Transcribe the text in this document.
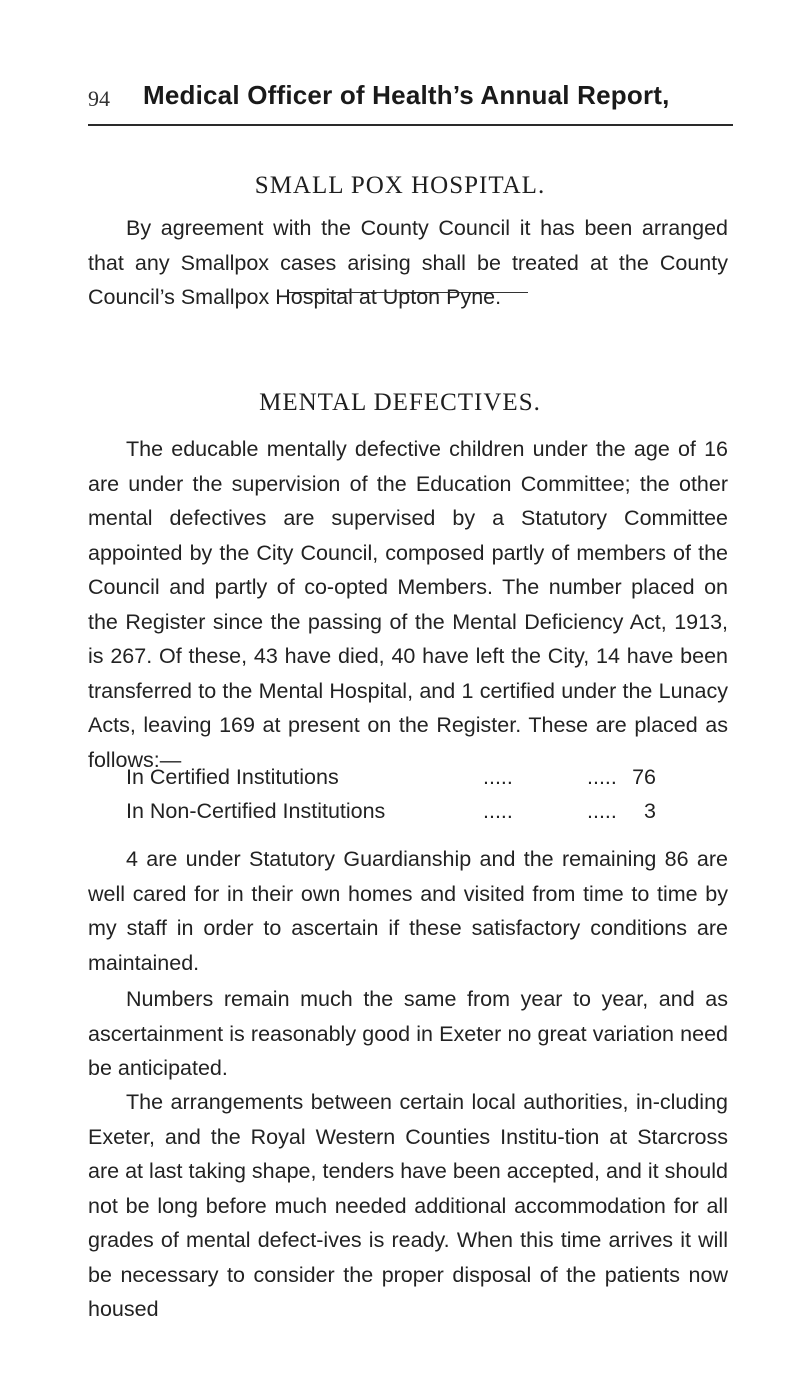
94 Medical Officer of Health’s Annual Report,
SMALL POX HOSPITAL.

By agreement with the County Council it has been arranged that any Smallpox cases arising shall be treated at the County Council’s Smallpox Hospital at Upton Pyne.

MENTAL DEFECTIVES.

The educable mentally defective children under the age of 16 are under the supervision of the Education Committee; the other mental defectives are supervised by a Statutory Committee appointed by the City Council, composed partly of members of the Council and partly of co-opted Members. The number placed on the Register since the passing of the Mental Deficiency Act, 1913, is 267. Of these, 43 have died, 40 have left the City, 14 have been transferred to the Mental Hospital, and 1 certified under the Lunacy Acts, leaving 169 at present on the Register. These are placed as follows:—

In Certified Institutions	.....	..... 76
In Non-Certified Institutions	.....	..... 3

4 are under Statutory Guardianship and the remaining 86 are well cared for in their own homes and visited from time to time by my staff in order to ascertain if these satisfactory conditions are maintained.

Numbers remain much the same from year to year, and as ascertainment is reasonably good in Exeter no great variation need be anticipated.

The arrangements between certain local authorities, in-cluding Exeter, and the Royal Western Counties Institu-tion at Starcross are at last taking shape, tenders have been accepted, and it should not be long before much needed additional accommodation for all grades of mental defect-ives is ready. When this time arrives it will be necessary to consider the proper disposal of the patients now housed
